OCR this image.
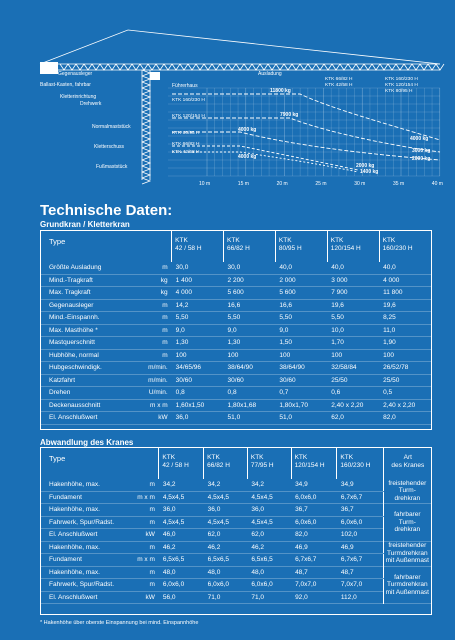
Gegenausleger
Ballast-Kasten, fahrbar
Kletterinrichtung
Drehwerk
Normalmaststück
Kletterschuss
Fußmaststück
Führerhaus
Ausladung
KTK 66/82 H
KTK 42/58 H
KTK 160/230 H
KTK 120/154 H
KTK 80/95 H
KTK 160/230 H
KTK 120/154 H
KTK 80/95 H
KTK 66/82 H
KTK 42/58 H
11800 kg
7900 kg
4000 kg
4000 kg
4000 kg
3000 kg
2000 kg
2000 kg
1400 kg
10 m	15 m	20 m	25 m	30 m	35 m	40 m
Technische Daten:
Grundkran / Kletterkran
Type		KTK
42 / 58 H	KTK
66/82 H	KTK
80/95 H	KTK
120/154 H	KTK
160/230 H

Größte Ausladung	m	30,0	30,0	40,0	40,0	40,0
Mind.-Tragkraft	kg	1 400	2 200	2 000	3 000	4 000
Max. Tragkraft	kg	4 000	5 600	5 600	7 900	11 800
Gegenausleger	m	14,2	16,6	16,6	19,6	19,6
Mind.-Einspannh.	m	5,50	5,50	5,50	5,50	8,25
Max. Masthöhe *	m	9,0	9,0	9,0	10,0	11,0
Mastquerschnitt	m	1,30	1,30	1,50	1,70	1,90
Hubhöhe, normal	m	100	100	100	100	100
Hubgeschwindigk.	m/min.	34/65/96	38/64/90	38/64/90	32/58/84	26/52/78
Katzfahrt	m/min.	30/60	30/60	30/60	25/50	25/50
Drehen	U/min.	0,8	0,8	0,7	0,6	0,5
Deckenausschnitt	m x m	1,60x1,50	1,80x1,68	1,80x1,70	2,40 x 2,20	2,40 x 2,20
El. Anschlußwert	kW	36,0	51,0	51,0	62,0	82,0
Abwandlung des Kranes
Type		KTK
42 / 58 H	KTK
66/82 H	KTK
77/95 H	KTK
120/154 H	KTK
160/230 H	Art
des Kranes

Hakenhöhe, max.	m	34,2	34,2	34,2	34,9	34,9	freistehender
Turm-
drehkran

Fundament	m x m	4,5x4,5	4,5x4,5	4,5x4,5	6,0x6,0	6,7x6,7	
Hakenhöhe, max.	m	36,0	36,0	36,0	36,7	36,7	fahrbarer
Turm-
drehkran

Fahrwerk, Spur/Radst.	m	4,5x4,5	4,5x4,5	4,5x4,5	6,0x6,0	6,0x6,0	
El. Anschlußwert	kW	46,0	62,0	62,0	82,0	102,0	
Hakenhöhe, max.	m	46,2	46,2	46,2	46,9	46,9	freistehender
Turmdrehkran
mit Außenmast

Fundament	m x m	6,5x6,5	6,5x6,5	6,5x6,5	6,7x6,7	6,7x6,7	
Hakenhöhe, max.	m	48,0	48,0	48,0	48,7	48,7	fahrbarer
Turmdrehkran
mit Außenmast

Fahrwerk, Spur/Radst.	m	6,0x6,0	6,0x6,0	6,0x6,0	7,0x7,0	7,0x7,0	
El. Anschlußwert	kW	56,0	71,0	71,0	92,0	112,0	
* Hakenhöhe über oberste Einspannung bei mind. Einspannhöhe
